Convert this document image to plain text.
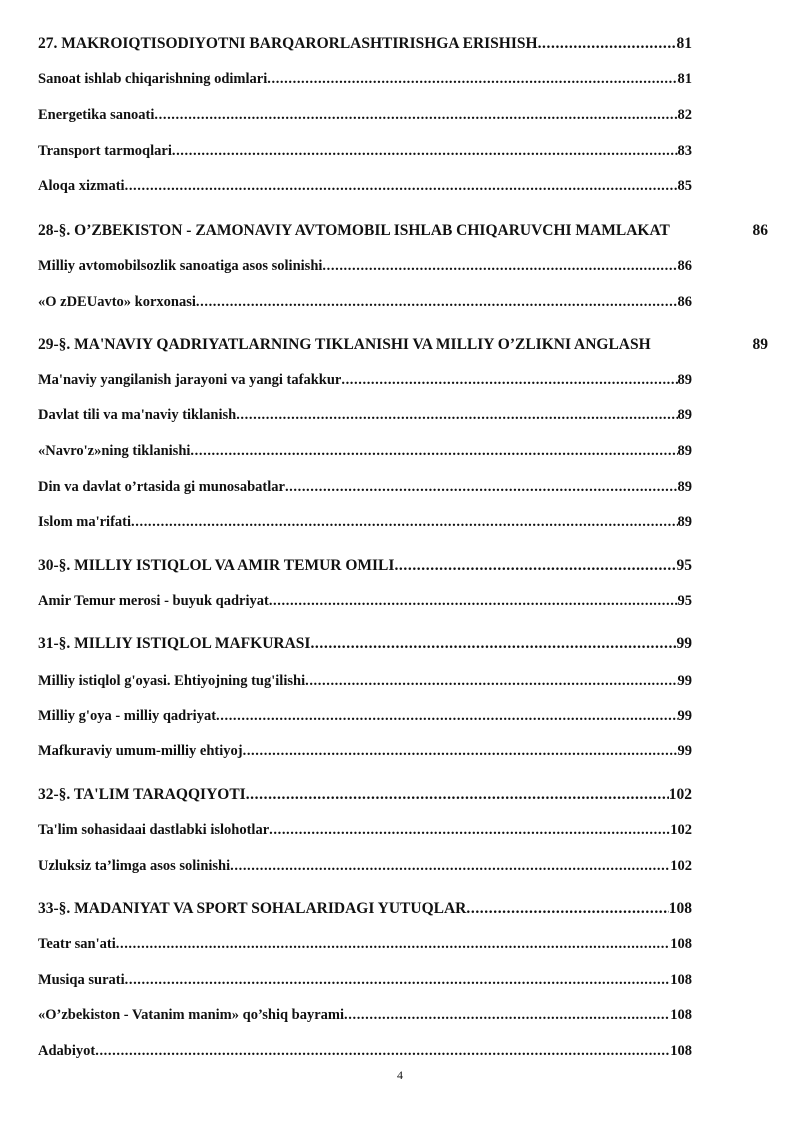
27. MAKROIQTISODIYOTNI BARQARORLASHTIRISHGA ERISHISH .....	81
Sanoat ishlab chiqarishning odimlari .....	81
Energetika sanoati .....	82
Transport tarmoqlari .....	83
Aloqa xizmati .....	85
28-§. O’ZBEKISTON - ZAMONAVIY AVTOMOBIL ISHLAB CHIQARUVCHI MAMLAKAT	86
Milliy avtomobilsozlik sanoatiga asos solinishi .....	86
«O zDEUavto» korxonasi .....	86
29-§. MA'NAVIY QADRIYATLARNING TIKLANISHI VA MILLIY O’ZLIKNI ANGLASH	89
Ma'naviy yangilanish jarayoni va yangi tafakkur .....	89
Davlat tili va ma'naviy tiklanish .....	89
«Navro'z»ning tiklanishi .....	89
Din va davlat o’rtasida gi munosabatlar .....	89
Islom ma'rifati .....	89
30-§. MILLIY ISTIQLOL VA AMIR TEMUR OMILI .....	95
Amir Temur merosi - buyuk qadriyat .....	95
31-§. MILLIY ISTIQLOL MAFKURASI .....	99
Milliy istiqlol g'oyasi. Ehtiyojning tug'ilishi .....	99
Milliy g'oya - milliy qadriyat .....	99
Mafkuraviy umum-milliy ehtiyoj .....	99
32-§. TA'LIM TARAQQIYOTI .....	102
Ta'lim sohasidaai dastlabki islohotlar .....	102
Uzluksiz ta’limga asos solinishi .....	102
33-§. MADANIYAT VA SPORT SOHALARIDAGI YUTUQLAR .....	108
Teatr san'ati .....	108
Musiqa surati .....	108
«O’zbekiston - Vatanim manim» qo’shiq bayrami .....	108
Adabiyot .....	108
4
